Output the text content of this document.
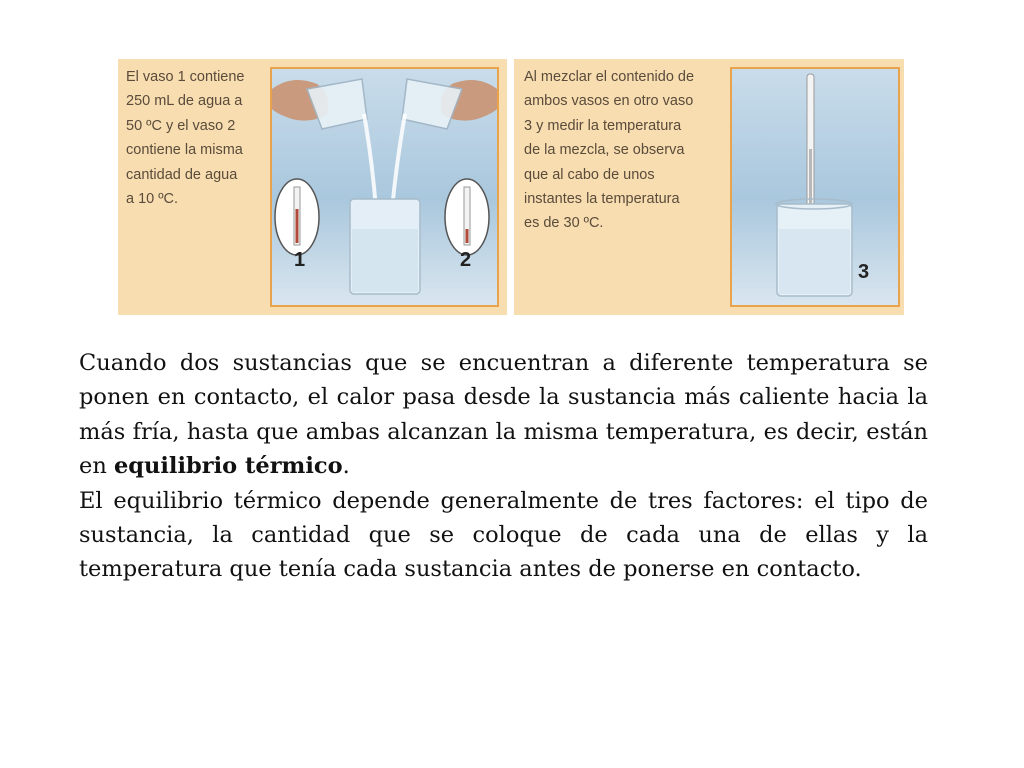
El vaso 1 contiene
250 mL de agua a
50 ºC y el vaso 2
contiene la misma
cantidad de agua
a 10 ºC.
1	2
Al mezclar el contenido de
ambos vasos en otro vaso
3 y medir la temperatura
de la mezcla, se observa
que al cabo de unos
instantes la temperatura
es de 30 ºC.
3

Cuando dos sustancias que se encuentran a diferente temperatura se ponen en contacto, el calor pasa desde la sustancia más caliente hacia la más fría, hasta que ambas alcanzan la misma temperatura, es decir, están en equilibrio térmico.

El equilibrio térmico depende generalmente de tres factores: el tipo de sustancia, la cantidad que se coloque de cada una de ellas y la temperatura que tenía cada sustancia antes de ponerse en contacto.
